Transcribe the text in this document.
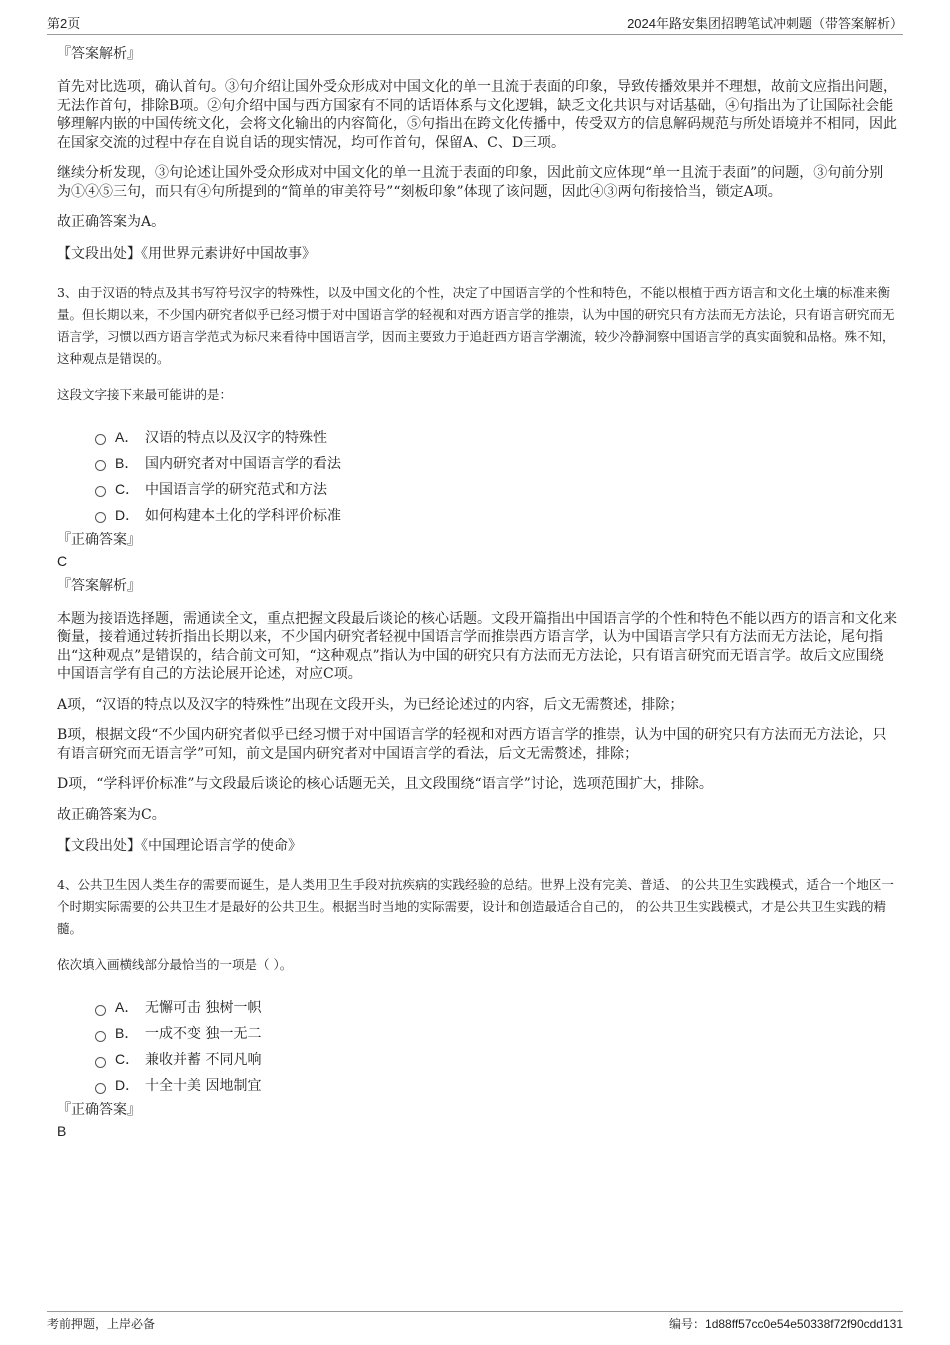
第2页	2024年路安集团招聘笔试冲刺题（带答案解析）
『答案解析』

首先对比选项，确认首句。③句介绍让国外受众形成对中国文化的单一且流于表面的印象，导致传播效果并不理想，故前文应指出问题，无法作首句，排除B项。②句介绍中国与西方国家有不同的话语体系与文化逻辑，缺乏文化共识与对话基础，④句指出为了让国际社会能够理解内嵌的中国传统文化，会将文化输出的内容简化，⑤句指出在跨文化传播中，传受双方的信息解码规范与所处语境并不相同，因此在国家交流的过程中存在自说自话的现实情况，均可作首句，保留A、C、D三项。

继续分析发现，③句论述让国外受众形成对中国文化的单一且流于表面的印象，因此前文应体现“单一且流于表面”的问题，③句前分别为①④⑤三句，而只有④句所提到的“简单的审美符号”“刻板印象”体现了该问题，因此④③两句衔接恰当，锁定A项。

故正确答案为A。

【文段出处】《用世界元素讲好中国故事》

3、由于汉语的特点及其书写符号汉字的特殊性，以及中国文化的个性，决定了中国语言学的个性和特色，不能以根植于西方语言和文化土壤的标准来衡量。但长期以来，不少国内研究者似乎已经习惯于对中国语言学的轻视和对西方语言学的推崇，认为中国的研究只有方法而无方法论，只有语言研究而无语言学，习惯以西方语言学范式为标尺来看待中国语言学，因而主要致力于追赶西方语言学潮流，较少冷静洞察中国语言学的真实面貌和品格。殊不知，这种观点是错误的。

这段文字接下来最可能讲的是：

A． 汉语的特点以及汉字的特殊性
B． 国内研究者对中国语言学的看法
C． 中国语言学的研究范式和方法
D． 如何构建本土化的学科评价标准
『正确答案』
C
『答案解析』

本题为接语选择题，需通读全文，重点把握文段最后谈论的核心话题。文段开篇指出中国语言学的个性和特色不能以西方的语言和文化来衡量，接着通过转折指出长期以来，不少国内研究者轻视中国语言学而推崇西方语言学，认为中国语言学只有方法而无方法论，尾句指出“这种观点”是错误的，结合前文可知，“这种观点”指认为中国的研究只有方法而无方法论，只有语言研究而无语言学。故后文应围绕中国语言学有自己的方法论展开论述，对应C项。

A项，“汉语的特点以及汉字的特殊性”出现在文段开头，为已经论述过的内容，后文无需赘述，排除；

B项，根据文段“不少国内研究者似乎已经习惯于对中国语言学的轻视和对西方语言学的推崇，认为中国的研究只有方法而无方法论，只有语言研究而无语言学”可知，前文是国内研究者对中国语言学的看法，后文无需赘述，排除；

D项，“学科评价标准”与文段最后谈论的核心话题无关，且文段围绕“语言学”讨论，选项范围扩大，排除。

故正确答案为C。

【文段出处】《中国理论语言学的使命》

4、公共卫生因人类生存的需要而诞生，是人类用卫生手段对抗疾病的实践经验的总结。世界上没有完美、普适、 的公共卫生实践模式，适合一个地区一个时期实际需要的公共卫生才是最好的公共卫生。根据当时当地的实际需要，设计和创造最适合自己的， 的公共卫生实践模式，才是公共卫生实践的精髓。

依次填入画横线部分最恰当的一项是（ ）。

A． 无懈可击 独树一帜
B． 一成不变 独一无二
C． 兼收并蓄 不同凡响
D． 十全十美 因地制宜
『正确答案』
B
考前押题，上岸必备	编号：1d88ff57cc0e54e50338f72f90cdd131
